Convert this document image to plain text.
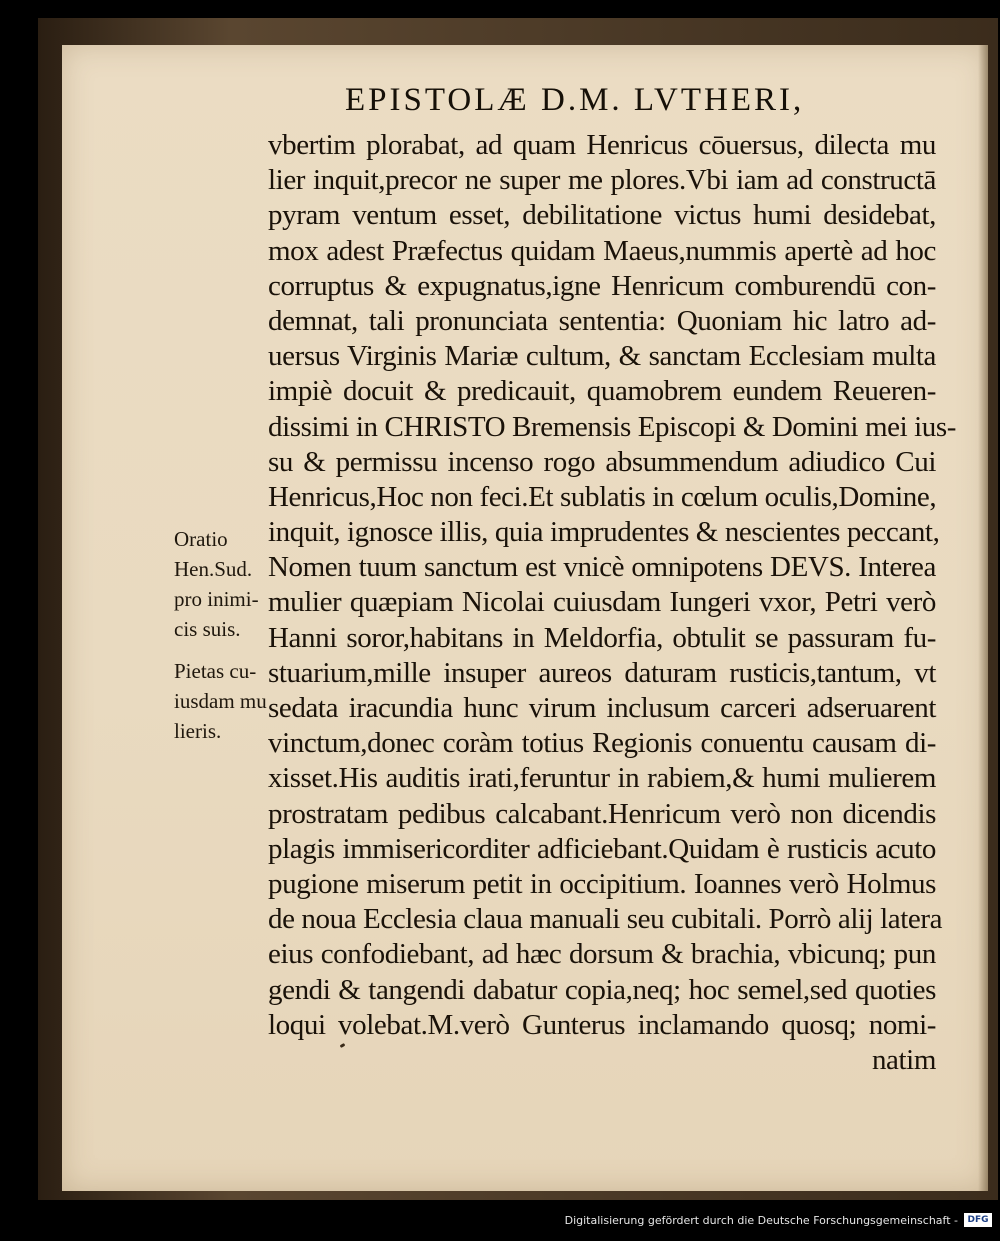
EPISTOLÆ D.M. LVTHERI,
vbertim plorabat, ad quam Henricus cōuersus, dilecta mu
lier inquit,precor ne super me plores.Vbi iam ad constructā
pyram ventum esset, debilitatione victus humi desidebat,
mox adest Præfectus quidam Maeus,nummis apertè ad hoc
corruptus & expugnatus,igne Henricum comburendū con-
demnat, tali pronunciata sententia: Quoniam hic latro ad-
uersus Virginis Mariæ cultum, & sanctam Ecclesiam multa
impiè docuit & predicauit, quamobrem eundem Reueren-
dissimi in CHRISTO Bremensis Episcopi & Domini mei ius-
su & permissu incenso rogo absummendum adiudico Cui
Henricus,Hoc non feci.Et sublatis in cœlum oculis,Domine,
inquit, ignosce illis, quia imprudentes & nescientes peccant,
Nomen tuum sanctum est vnicè omnipotens DEVS. Interea
mulier quæpiam Nicolai cuiusdam Iungeri vxor, Petri verò
Hanni soror,habitans in Meldorfia, obtulit se passuram fu-
stuarium,mille insuper aureos daturam rusticis,tantum, vt
sedata iracundia hunc virum inclusum carceri adseruarent
vinctum,donec coràm totius Regionis conuentu causam di-
xisset.His auditis irati,feruntur in rabiem,& humi mulierem
prostratam pedibus calcabant.Henricum verò non dicendis
plagis immisericorditer adficiebant.Quidam è rusticis acuto
pugione miserum petit in occipitium. Ioannes verò Holmus
de noua Ecclesia claua manuali seu cubitali. Porrò alij latera
eius confodiebant, ad hæc dorsum & brachia, vbicunq; pun
gendi & tangendi dabatur copia,neq; hoc semel,sed quoties
loqui volebat.M.verò Gunterus inclamando quosq; nomi-
natim
Oratio
Hen.Sud.
pro inimi-
cis suis.
Pietas cu-
iusdam mu
lieris.
Digitalisierung gefördert durch die Deutsche Forschungsgemeinschaft -	DFG
